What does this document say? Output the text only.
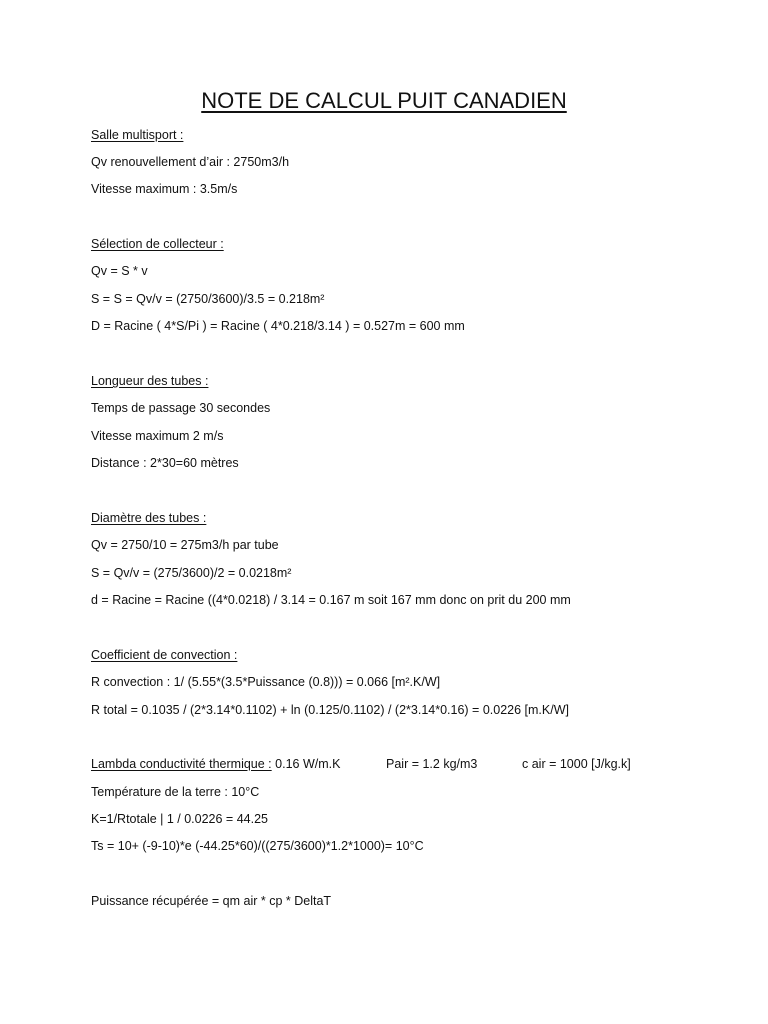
NOTE DE CALCUL PUIT CANADIEN
Salle multisport :
Qv renouvellement d’air : 2750m3/h
Vitesse maximum : 3.5m/s
Sélection de collecteur :
Qv = S * v
S = S = Qv/v = (2750/3600)/3.5 = 0.218m²
D = Racine ( 4*S/Pi ) = Racine ( 4*0.218/3.14 ) = 0.527m = 600 mm
Longueur des tubes :
Temps de passage 30 secondes
Vitesse maximum 2 m/s
Distance : 2*30=60 mètres
Diamètre des tubes :
Qv = 2750/10 = 275m3/h par tube
S = Qv/v = (275/3600)/2 = 0.0218m²
d = Racine = Racine ((4*0.0218) / 3.14 = 0.167 m soit 167 mm donc on prit du 200 mm
Coefficient de convection :
R convection : 1/ (5.55*(3.5*Puissance (0.8))) = 0.066 [m².K/W]
R total = 0.1035 / (2*3.14*0.1102) + ln (0.125/0.1102) / (2*3.14*0.16) = 0.0226 [m.K/W]
Lambda conductivité thermique : 0.16 W/m.K	Pair = 1.2 kg/m3	c air = 1000 [J/kg.k]
Température de la terre : 10°C
K=1/Rtotale | 1 / 0.0226 = 44.25
Ts = 10+ (-9-10)*e (-44.25*60)/((275/3600)*1.2*1000)= 10°C
Puissance récupérée = qm air * cp * DeltaT
